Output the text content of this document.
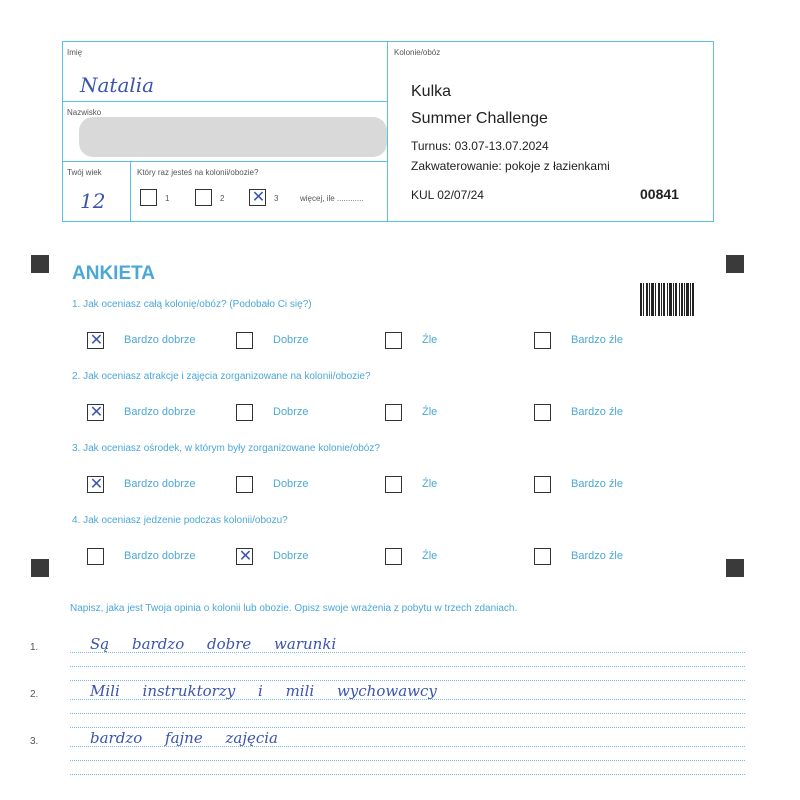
Imię
Natalia
Nazwisko
Twój wiek
12
Który raz jesteś na kolonii/obozie?
1	2 ✕ 3	więcej, ile ............
Kolonie/obóz
Kulka
Summer Challenge
Turnus: 03.07-13.07.2024
Zakwaterowanie: pokoje z łazienkami
KUL 02/07/24	00841
ANKIETA
1. Jak oceniasz całą kolonię/obóz? (Podobało Ci się?)
✕ Bardzo dobrze	Dobrze	Źle	Bardzo źle
2. Jak oceniasz atrakcje i zajęcia zorganizowane na kolonii/obozie?
✕ Bardzo dobrze	Dobrze	Źle	Bardzo źle
3. Jak oceniasz ośrodek, w którym były zorganizowane kolonie/obóz?
✕ Bardzo dobrze	Dobrze	Źle	Bardzo źle
4. Jak oceniasz jedzenie podczas kolonii/obozu?
Bardzo dobrze	✕ Dobrze	Źle	Bardzo źle
Napisz, jaka jest Twoja opinia o kolonii lub obozie. Opisz swoje wrażenia z pobytu w trzech zdaniach.
1.	Są bardzo dobre warunki
2.	Mili instruktorzy i mili wychowawcy
3.	bardzo fajne zajęcia
